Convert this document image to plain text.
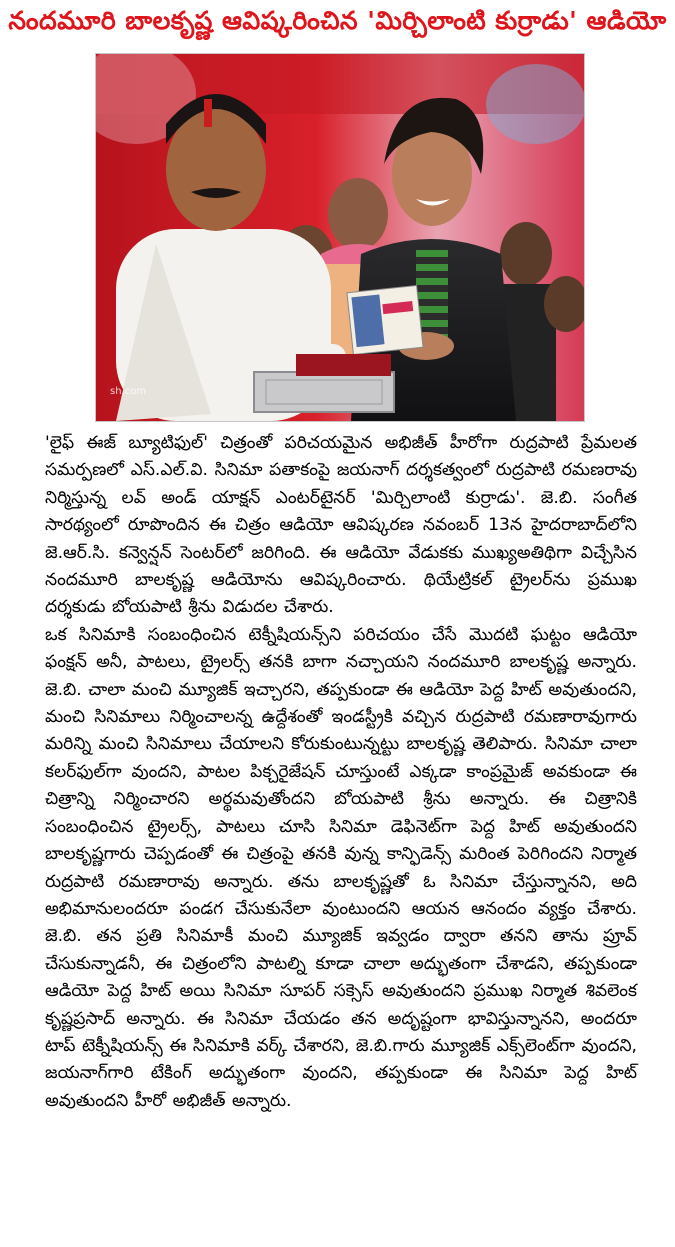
నందమూరి బాలకృష్ణ ఆవిష్కరించిన 'మిర్చిలాంటి కుర్రాడు' ఆడియో
sh.com

'లైఫ్ ఈజ్ బ్యూటిఫుల్' చిత్రంతో పరిచయమైన అభిజీత్ హీరోగా రుద్రపాటి ప్రేమలత సమర్పణలో ఎస్.ఎల్.వి. సినిమా పతాకంపై జయనాగ్ దర్శకత్వంలో రుద్రపాటి రమణరావు నిర్మిస్తున్న లవ్ అండ్ యాక్షన్ ఎంటర్‌టైనర్ 'మిర్చిలాంటి కుర్రాడు'. జె.బి. సంగీత సారథ్యంలో రూపొందిన ఈ చిత్రం ఆడియో ఆవిష్కరణ నవంబర్ 13న హైదరాబాద్‌లోని జె.ఆర్.సి. కన్వెన్షన్ సెంటర్‌లో జరిగింది. ఈ ఆడియో వేడుకకు ముఖ్యఅతిథిగా విచ్చేసిన నందమూరి బాలకృష్ణ ఆడియోను ఆవిష్కరించారు. థియేట్రికల్ ట్రైలర్‌ను ప్రముఖ దర్శకుడు బోయపాటి శ్రీను విడుదల చేశారు.

ఒక సినిమాకి సంబంధించిన టెక్నీషియన్స్‌ని పరిచయం చేసే మొదటి ఘట్టం ఆడియో ఫంక్షన్ అనీ, పాటలు, ట్రైలర్స్ తనకి బాగా నచ్చాయని నందమూరి బాలకృష్ణ అన్నారు. జె.బి. చాలా మంచి మ్యూజిక్ ఇచ్చారని, తప్పకుండా ఈ ఆడియో పెద్ద హిట్ అవుతుందని, మంచి సినిమాలు నిర్మించాలన్న ఉద్దేశంతో ఇండస్ట్రీకి వచ్చిన రుద్రపాటి రమణారావుగారు మరిన్ని మంచి సినిమాలు చేయాలని కోరుకుంటున్నట్టు బాలకృష్ణ తెలిపారు. సినిమా చాలా కలర్‌ఫుల్‌గా వుందని, పాటల పిక్చరైజేషన్ చూస్తుంటే ఎక్కడా కాంప్రమైజ్ అవకుండా ఈ చిత్రాన్ని నిర్మించారని అర్థమవుతోందని బోయపాటి శ్రీను అన్నారు. ఈ చిత్రానికి సంబంధించిన ట్రైలర్స్, పాటలు చూసి సినిమా డెఫినెట్‌గా పెద్ద హిట్ అవుతుందని బాలకృష్ణగారు చెప్పడంతో ఈ చిత్రంపై తనకి వున్న కాన్ఫిడెన్స్ మరింత పెరిగిందని నిర్మాత రుద్రపాటి రమణారావు అన్నారు. తను బాలకృష్ణతో ఓ సినిమా చేస్తున్నానని, అది అభిమానులందరూ పండగ చేసుకునేలా వుంటుందని ఆయన ఆనందం వ్యక్తం చేశారు. జె.బి. తన ప్రతి సినిమాకీ మంచి మ్యూజిక్ ఇవ్వడం ద్వారా తనని తాను ప్రూవ్ చేసుకున్నాడనీ, ఈ చిత్రంలోని పాటల్ని కూడా చాలా అద్భుతంగా చేశాడని, తప్పకుండా ఆడియో పెద్ద హిట్ అయి సినిమా సూపర్ సక్సెస్ అవుతుందని ప్రముఖ నిర్మాత శివలెంక కృష్ణప్రసాద్ అన్నారు. ఈ సినిమా చేయడం తన అదృష్టంగా భావిస్తున్నానని, అందరూ టాప్ టెక్నీషియన్స్ ఈ సినిమాకి వర్క్ చేశారని, జె.బి.గారు మ్యూజిక్ ఎక్స్‌లెంట్‌గా వుందని, జయనాగ్‌గారి టేకింగ్ అద్భుతంగా వుందని, తప్పకుండా ఈ సినిమా పెద్ద హిట్ అవుతుందని హీరో అభిజీత్ అన్నారు.
